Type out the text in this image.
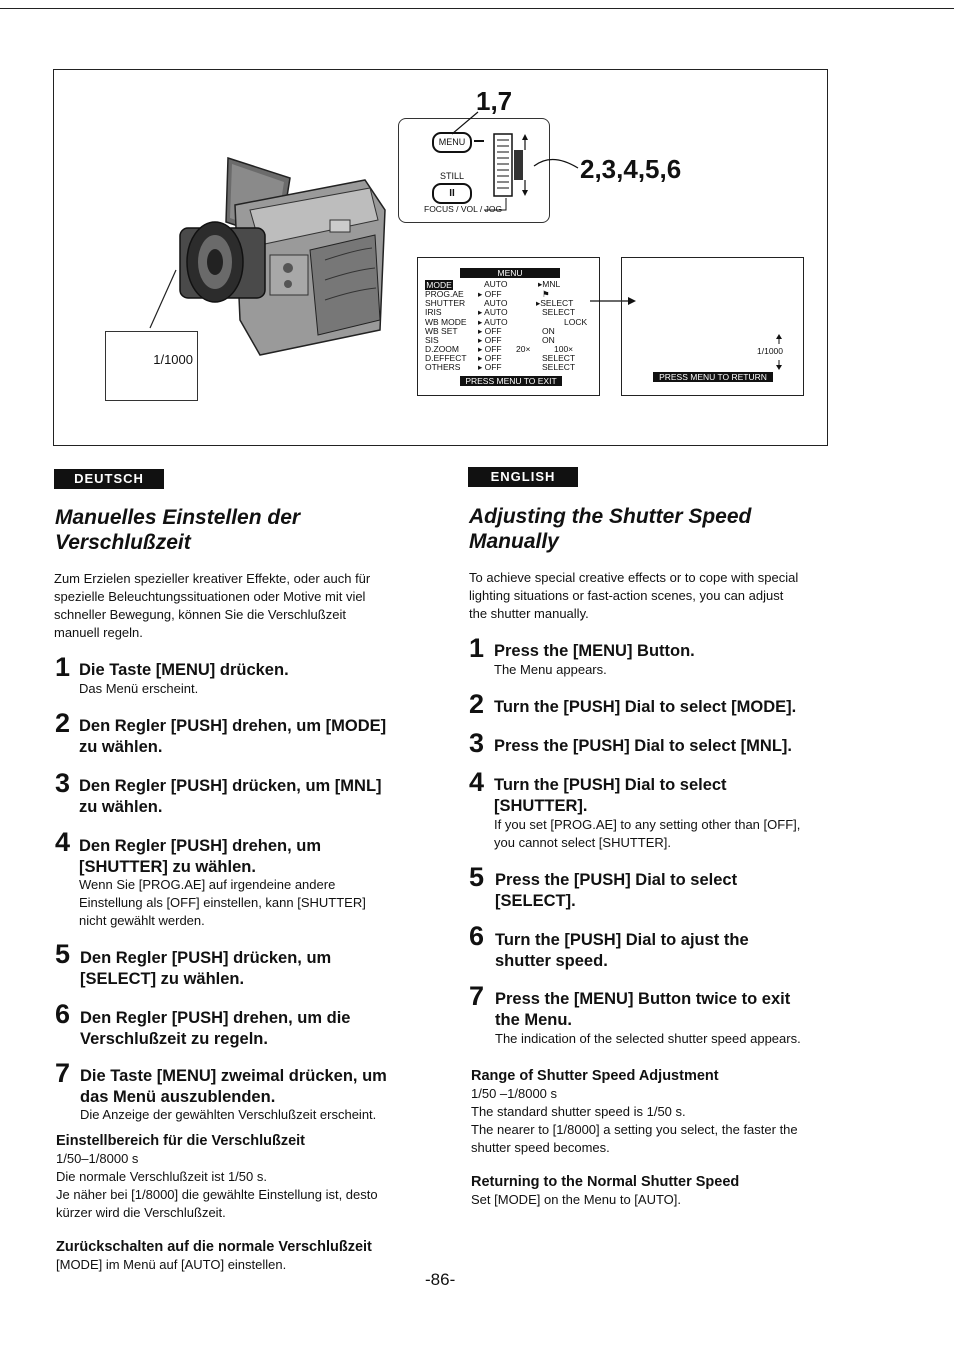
1/1000
1,7
MENU
STILL
II
FOCUS / VOL / JOG
2,3,4,5,6
MENU
MODE	AUTO	▸MNL
PROG.AE ▸ OFF	⚑
SHUTTER AUTO	▸SELECT
IRIS	▸ AUTO	SELECT
WB MODE ▸ AUTO	LOCK
WB SET ▸ OFF	ON
SIS	▸ OFF	ON
D.ZOOM ▸ OFF 20×	100×
D.EFFECT ▸ OFF	SELECT
OTHERS ▸ OFF	SELECT
PRESS MENU TO EXIT
1/1000
PRESS MENU TO RETURN
DEUTSCH
Manuelles Einstellen der
Verschlußzeit
Zum Erzielen spezieller kreativer Effekte, oder auch für
spezielle Beleuchtungssituationen oder Motive mit viel
schneller Bewegung, können Sie die Verschlußzeit
manuell regeln.
1 Die Taste [MENU] drücken.
Das Menü erscheint.
2 Den Regler [PUSH] drehen, um [MODE]
zu wählen.
3 Den Regler [PUSH] drücken, um [MNL]
zu wählen.
4 Den Regler [PUSH] drehen, um
[SHUTTER] zu wählen.
Wenn Sie [PROG.AE] auf irgendeine andere
Einstellung als [OFF] einstellen, kann [SHUTTER]
nicht gewählt werden.
5 Den Regler [PUSH] drücken, um
[SELECT] zu wählen.
6 Den Regler [PUSH] drehen, um die
Verschlußzeit zu regeln.
7 Die Taste [MENU] zweimal drücken, um
das Menü auszublenden.
Die Anzeige der gewählten Verschlußzeit erscheint.
Einstellbereich für die Verschlußzeit
1/50–1/8000 s
Die normale Verschlußzeit ist 1/50 s.
Je näher bei [1/8000] die gewählte Einstellung ist, desto
kürzer wird die Verschlußzeit.
Zurückschalten auf die normale Verschlußzeit
[MODE] im Menü auf [AUTO] einstellen.
ENGLISH
Adjusting the Shutter Speed
Manually
To achieve special creative effects or to cope with special
lighting situations or fast-action scenes, you can adjust
the shutter manually.
1 Press the [MENU] Button.
The Menu appears.
2 Turn the [PUSH] Dial to select [MODE].
3 Press the [PUSH] Dial to select [MNL].
4 Turn the [PUSH] Dial to select
[SHUTTER].
If you set [PROG.AE] to any setting other than [OFF],
you cannot select [SHUTTER].
5 Press the [PUSH] Dial to select
[SELECT].
6 Turn the [PUSH] Dial to ajust the
shutter speed.
7 Press the [MENU] Button twice to exit
the Menu.
The indication of the selected shutter speed appears.
Range of Shutter Speed Adjustment
1/50 –1/8000 s
The standard shutter speed is 1/50 s.
The nearer to [1/8000] a setting you select, the faster the
shutter speed becomes.
Returning to the Normal Shutter Speed
Set [MODE] on the Menu to [AUTO].
-86-
